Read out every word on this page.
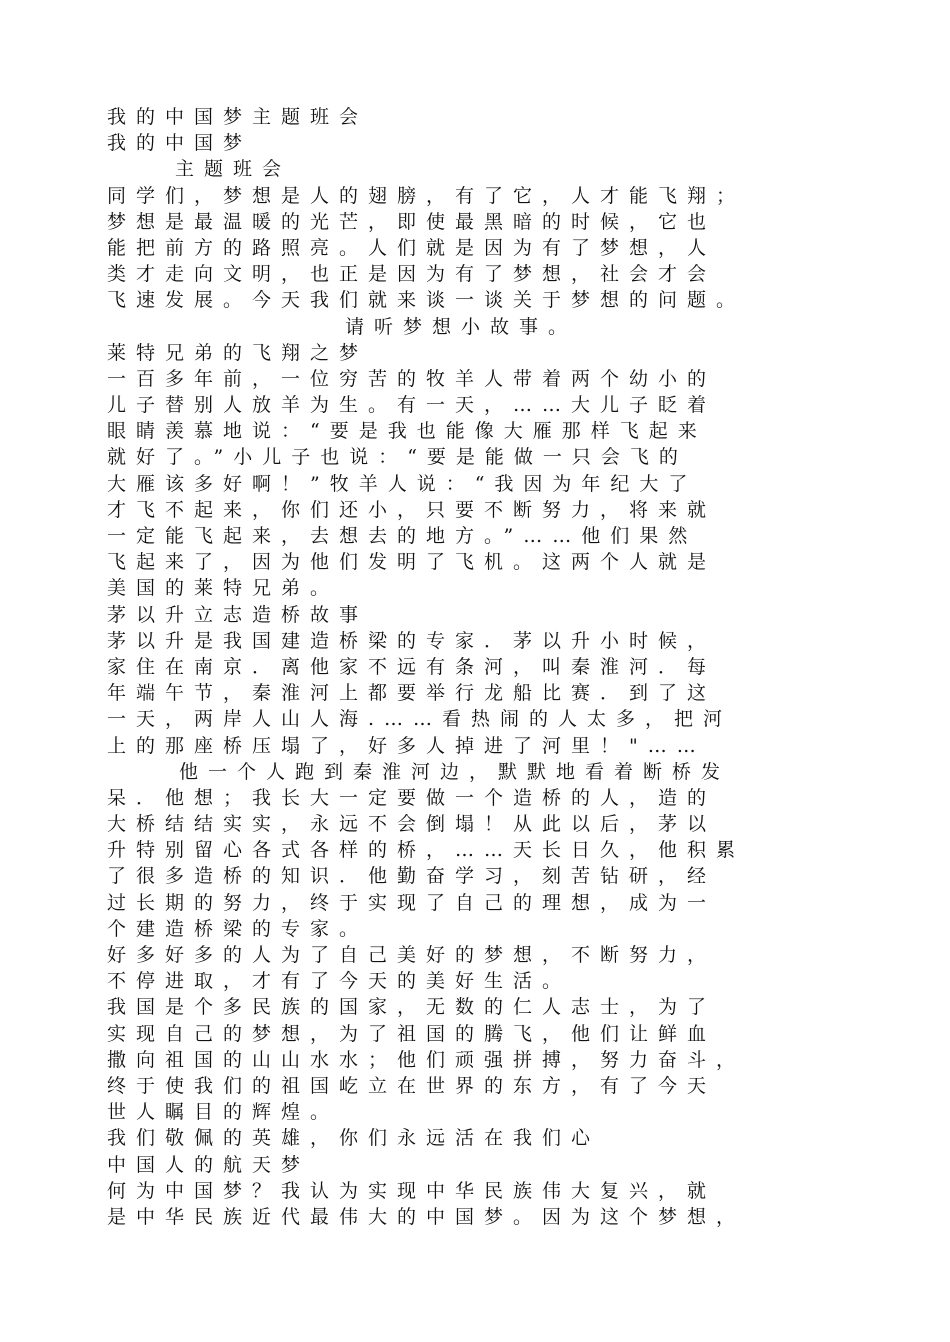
我的中国梦主题班会
我的中国梦
主题班会
同学们，梦想是人的翅膀，有了它，人才能飞翔；
梦想是最温暖的光芒，即使最黑暗的时候，它也
能把前方的路照亮。人们就是因为有了梦想，人
类才走向文明，也正是因为有了梦想，社会才会
飞速发展。今天我们就来谈一谈关于梦想的问题。
请听梦想小故事。
莱特兄弟的飞翔之梦
一百多年前，一位穷苦的牧羊人带着两个幼小的
儿子替别人放羊为生。有一天，……大儿子眨着
眼睛羡慕地说：“要是我也能像大雁那样飞起来
就好了。”小儿子也说：“要是能做一只会飞的
大雁该多好啊！”牧羊人说：“我因为年纪大了
才飞不起来，你们还小，只要不断努力，将来就
一定能飞起来，去想去的地方。”……他们果然
飞起来了，因为他们发明了飞机。这两个人就是
美国的莱特兄弟。
茅以升立志造桥故事
茅以升是我国建造桥梁的专家．茅以升小时候，
家住在南京．离他家不远有条河，叫秦淮河．每
年端午节，秦淮河上都要举行龙船比赛．到了这
一天，两岸人山人海.……看热闹的人太多，把河
上的那座桥压塌了，好多人掉进了河里！"……
他一个人跑到秦淮河边，默默地看着断桥发
呆．他想；我长大一定要做一个造桥的人，造的
大桥结结实实，永远不会倒塌！从此以后，茅以
升特别留心各式各样的桥，……天长日久，他积累
了很多造桥的知识．他勤奋学习，刻苦钻研，经
过长期的努力，终于实现了自己的理想，成为一
个建造桥梁的专家。
好多好多的人为了自己美好的梦想，不断努力，
不停进取，才有了今天的美好生活。
我国是个多民族的国家，无数的仁人志士，为了
实现自己的梦想，为了祖国的腾飞，他们让鲜血
撒向祖国的山山水水；他们顽强拼搏，努力奋斗，
终于使我们的祖国屹立在世界的东方，有了今天
世人瞩目的辉煌。
我们敬佩的英雄，你们永远活在我们心
中国人的航天梦
何为中国梦？我认为实现中华民族伟大复兴，就
是中华民族近代最伟大的中国梦。因为这个梦想，
